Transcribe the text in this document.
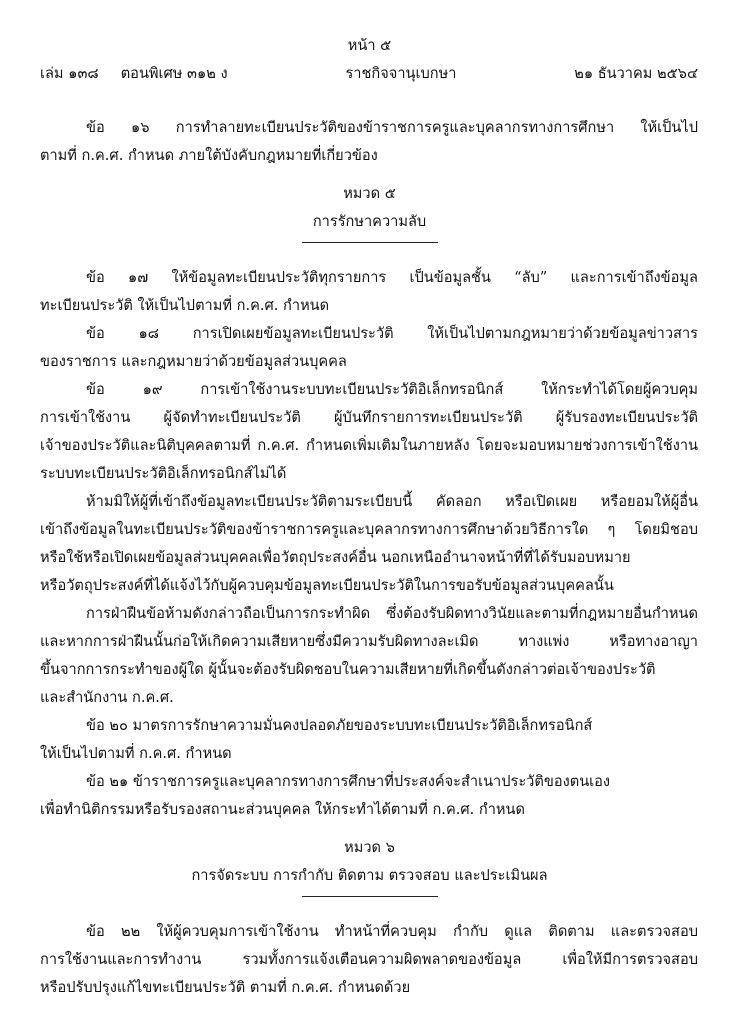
หน้า ๕
เล่ม ๑๓๘ ตอนพิเศษ ๓๑๒ ง	ราชกิจจานุเบกษา	๒๑ ธันวาคม ๒๕๖๔
ข้อ ๑๖ การทำลายทะเบียนประวัติของข้าราชการครูและบุคลากรทางการศึกษา ให้เป็นไป
ตามที่ ก.ค.ศ. กำหนด ภายใต้บังคับกฎหมายที่เกี่ยวข้อง
หมวด ๕
การรักษาความลับ
ข้อ ๑๗ ให้ข้อมูลทะเบียนประวัติทุกรายการ เป็นข้อมูลชั้น “ลับ” และการเข้าถึงข้อมูล
ทะเบียนประวัติ ให้เป็นไปตามที่ ก.ค.ศ. กำหนด
ข้อ ๑๘ การเปิดเผยข้อมูลทะเบียนประวัติ ให้เป็นไปตามกฎหมายว่าด้วยข้อมูลข่าวสาร
ของราชการ และกฎหมายว่าด้วยข้อมูลส่วนบุคคล
ข้อ ๑๙ การเข้าใช้งานระบบทะเบียนประวัติอิเล็กทรอนิกส์ ให้กระทำได้โดยผู้ควบคุม
การเข้าใช้งาน ผู้จัดทำทะเบียนประวัติ ผู้บันทึกรายการทะเบียนประวัติ ผู้รับรองทะเบียนประวัติ
เจ้าของประวัติและนิติบุคคลตามที่ ก.ค.ศ. กำหนดเพิ่มเติมในภายหลัง โดยจะมอบหมายช่วงการเข้าใช้งาน
ระบบทะเบียนประวัติอิเล็กทรอนิกส์ไม่ได้
ห้ามมิให้ผู้ที่เข้าถึงข้อมูลทะเบียนประวัติตามระเบียบนี้ คัดลอก หรือเปิดเผย หรือยอมให้ผู้อื่น
เข้าถึงข้อมูลในทะเบียนประวัติของข้าราชการครูและบุคลากรทางการศึกษาด้วยวิธีการใด ๆ โดยมิชอบ
หรือใช้หรือเปิดเผยข้อมูลส่วนบุคคลเพื่อวัตถุประสงค์อื่น นอกเหนืออำนาจหน้าที่ที่ได้รับมอบหมาย
หรือวัตถุประสงค์ที่ได้แจ้งไว้กับผู้ควบคุมข้อมูลทะเบียนประวัติในการขอรับข้อมูลส่วนบุคคลนั้น
การฝ่าฝืนข้อห้ามดังกล่าวถือเป็นการกระทำผิด ซึ่งต้องรับผิดทางวินัยและตามที่กฎหมายอื่นกำหนด
และหากการฝ่าฝืนนั้นก่อให้เกิดความเสียหายซึ่งมีความรับผิดทางละเมิด ทางแพ่ง หรือทางอาญา
ขึ้นจากการกระทำของผู้ใด ผู้นั้นจะต้องรับผิดชอบในความเสียหายที่เกิดขึ้นดังกล่าวต่อเจ้าของประวัติ
และสำนักงาน ก.ค.ศ.
ข้อ ๒๐ มาตรการรักษาความมั่นคงปลอดภัยของระบบทะเบียนประวัติอิเล็กทรอนิกส์
ให้เป็นไปตามที่ ก.ค.ศ. กำหนด
ข้อ ๒๑ ข้าราชการครูและบุคลากรทางการศึกษาที่ประสงค์จะสำเนาประวัติของตนเอง
เพื่อทำนิติกรรมหรือรับรองสถานะส่วนบุคคล ให้กระทำได้ตามที่ ก.ค.ศ. กำหนด
หมวด ๖
การจัดระบบ การกำกับ ติดตาม ตรวจสอบ และประเมินผล
ข้อ ๒๒ ให้ผู้ควบคุมการเข้าใช้งาน ทำหน้าที่ควบคุม กำกับ ดูแล ติดตาม และตรวจสอบ
การใช้งานและการทำงาน รวมทั้งการแจ้งเตือนความผิดพลาดของข้อมูล เพื่อให้มีการตรวจสอบ
หรือปรับปรุงแก้ไขทะเบียนประวัติ ตามที่ ก.ค.ศ. กำหนดด้วย
